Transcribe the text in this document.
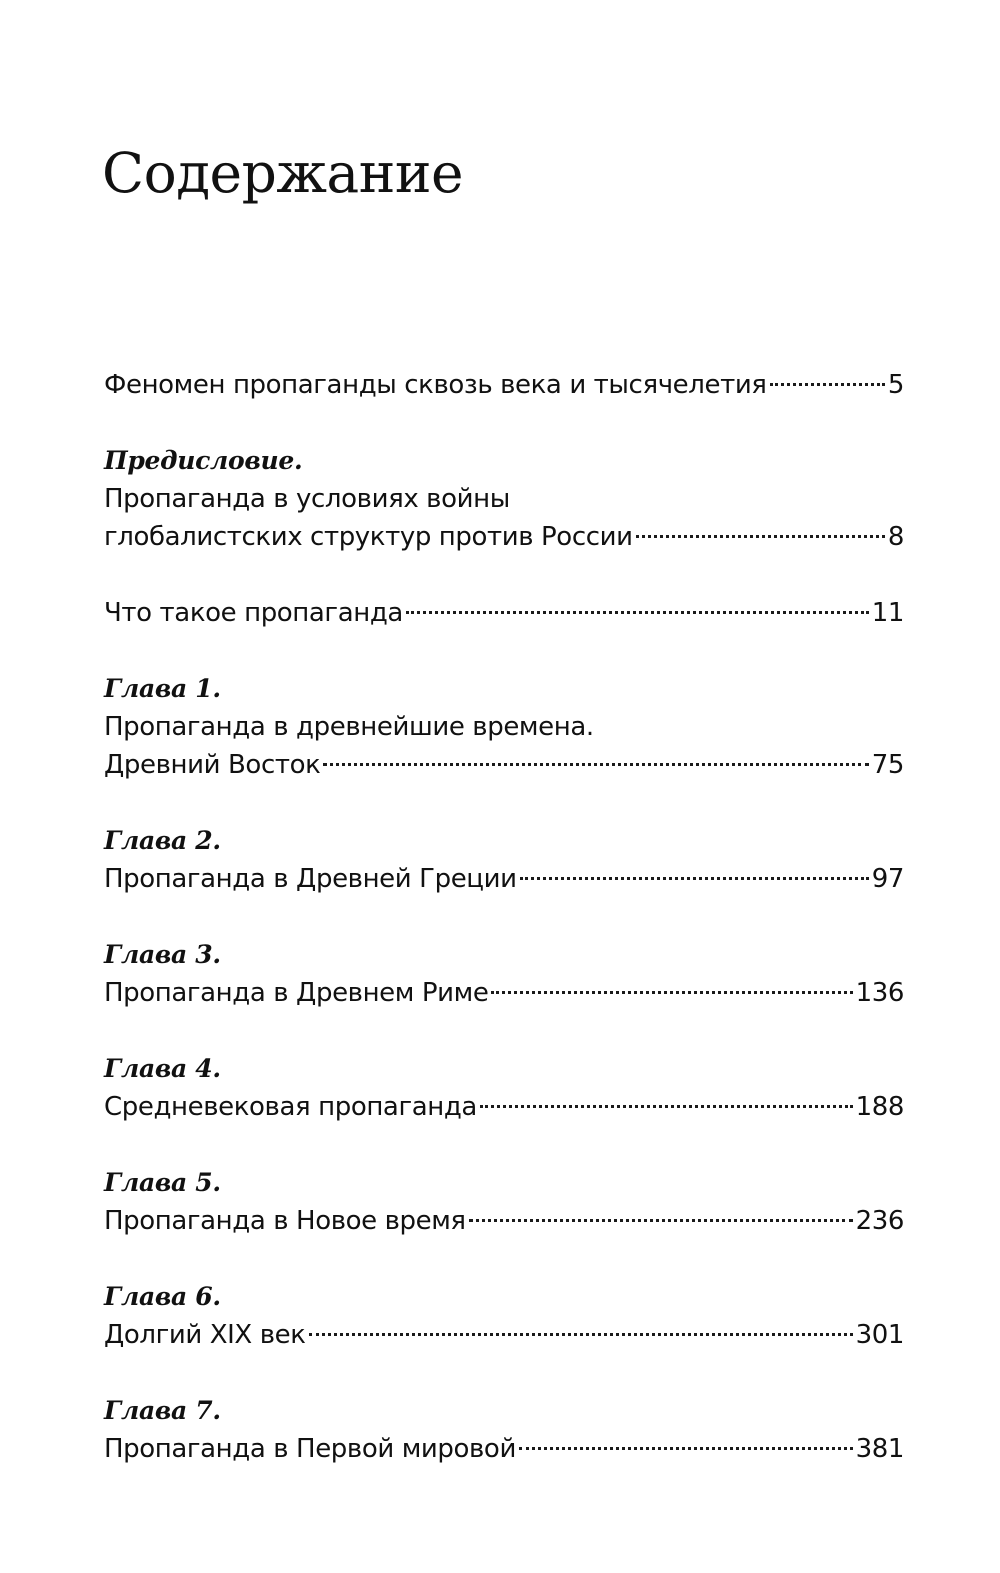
Содержание
Феномен пропаганды сквозь века и тысячелетия	5
Предисловие.
Пропаганда в условиях войны
глобалистских структур против России	8
Что такое пропаганда	11
Глава 1.
Пропаганда в древнейшие времена.
Древний Восток	75
Глава 2.
Пропаганда в Древней Греции	97
Глава 3.
Пропаганда в Древнем Риме	136
Глава 4.
Средневековая пропаганда	188
Глава 5.
Пропаганда в Новое время	236
Глава 6.
Долгий XIX век	301
Глава 7.
Пропаганда в Первой мировой	381
